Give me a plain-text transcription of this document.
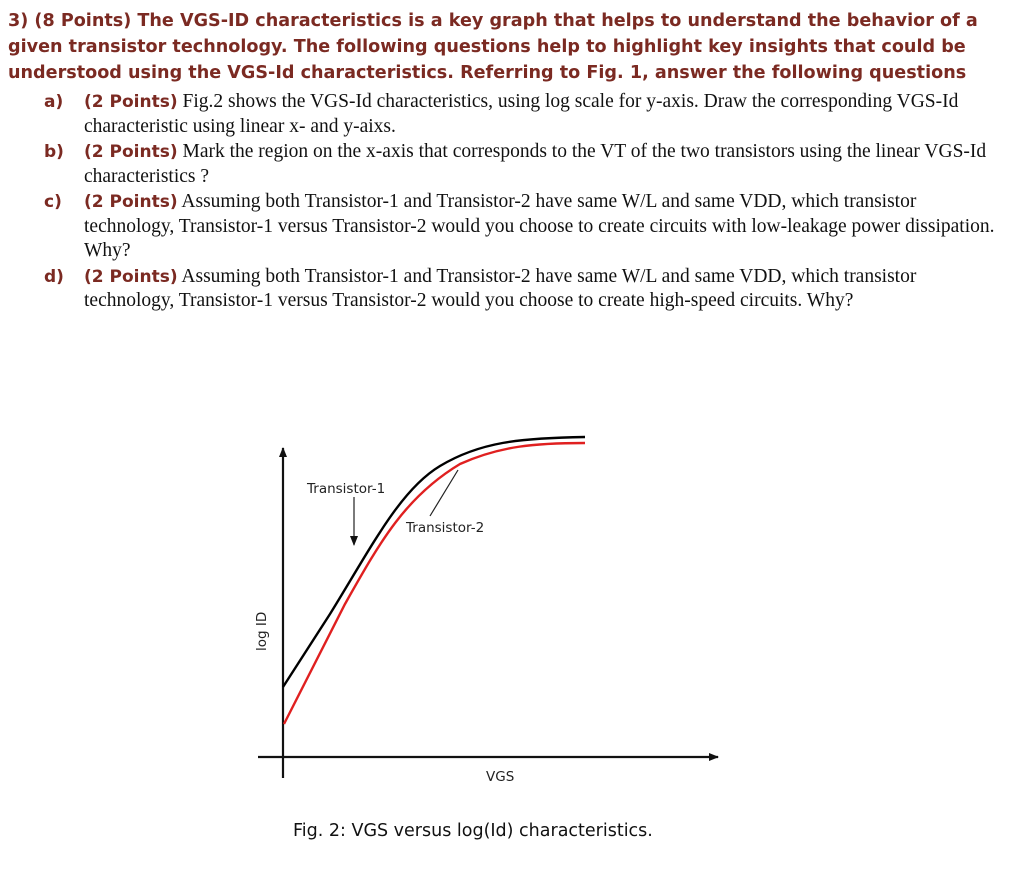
3) (8 Points) The VGS-ID characteristics is a key graph that helps to understand the behavior of a given transistor technology. The following questions help to highlight key insights that could be understood using the VGS-Id characteristics. Referring to Fig. 1, answer the following questions
a)	(2 Points) Fig.2 shows the VGS-Id characteristics, using log scale for y-axis. Draw the corresponding VGS-Id characteristic using linear x- and y-aixs.
b)	(2 Points) Mark the region on the x-axis that corresponds to the VT of the two transistors using the linear VGS-Id characteristics ?
c)	(2 Points) Assuming both Transistor-1 and Transistor-2 have same W/L and same VDD, which transistor technology, Transistor-1 versus Transistor-2 would you choose to create circuits with low-leakage power dissipation. Why?
d)	(2 Points) Assuming both Transistor-1 and Transistor-2 have same W/L and same VDD, which transistor technology, Transistor-1 versus Transistor-2 would you choose to create high-speed circuits. Why?
Transistor-1
Transistor-2
VGS
log ID
Fig. 2: VGS versus log(Id) characteristics.
